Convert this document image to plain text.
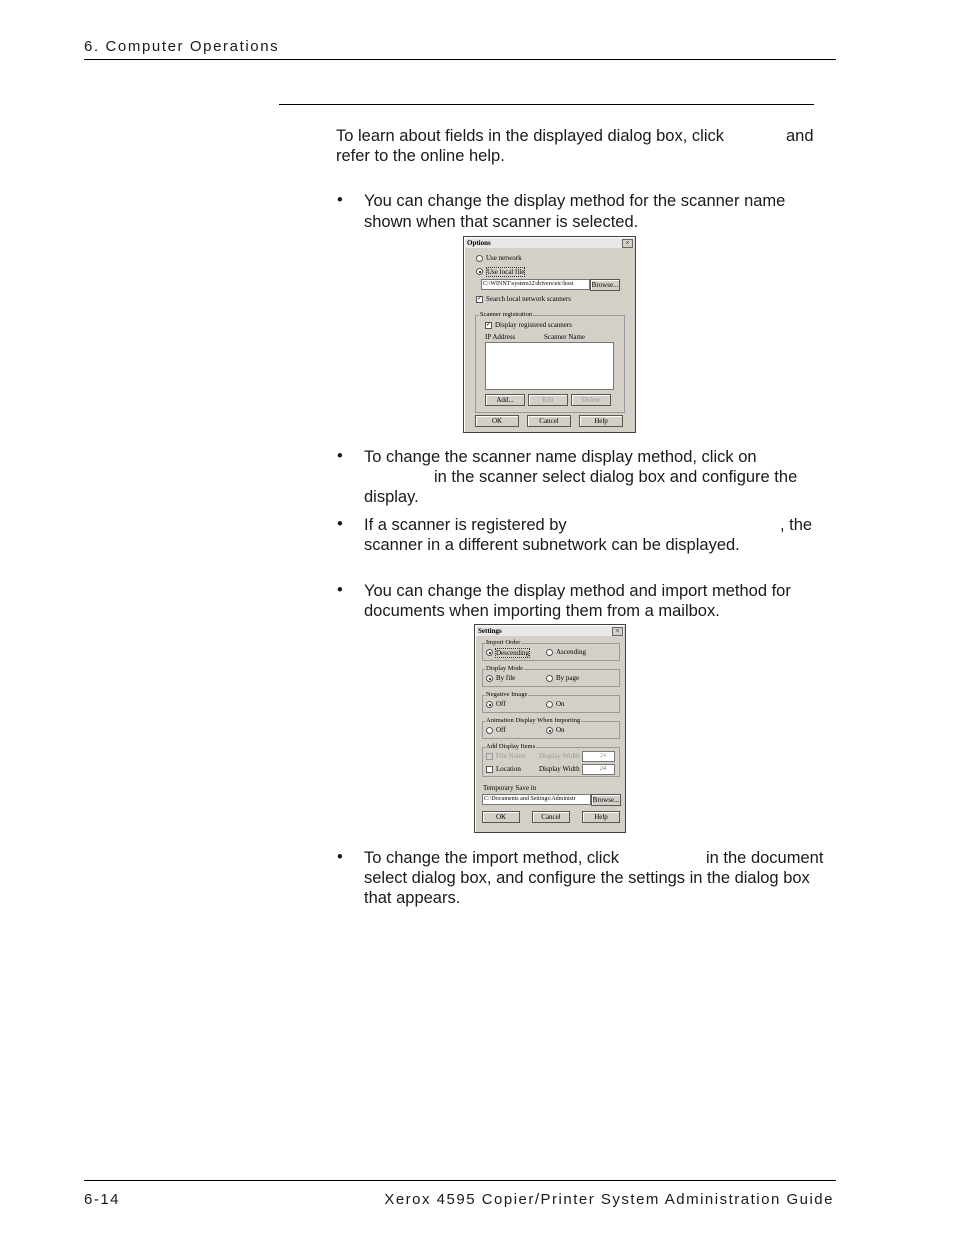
6. Computer Operations
To learn about fields in the displayed dialog box, click	and
refer to the online help.
• You can change the display method for the scanner name
shown when that scanner is selected.
Options	×
Use network
Use local file
C:\WINNT\system32\drivers\etc\host	Browse...
✓ Search local network scanners
Scanner registration
✓ Display registered scanners
IP Address	Scanner Name
Add...	Edit	Delete
OK	Cancel	Help
• To change the scanner name display method, click on
in the scanner select dialog box and configure the
display.
• If a scanner is registered by	, the
scanner in a different subnetwork can be displayed.
• You can change the display method and import method for
documents when importing them from a mailbox.
Settings	×
Import Order
Descending	Ascending
Display Mode
By file	By page
Negative Image
Off	On
Animation Display When Importing
Off	On
Add Display Items
File Name Display Width	24
Location	Display Width	24
Temporary Save in
C:\Documents and Settings\Administr	Browse...
OK	Cancel	Help
• To change the import method, click	in the document
select dialog box, and configure the settings in the dialog box
that appears.
6-14	Xerox 4595 Copier/Printer System Administration Guide
